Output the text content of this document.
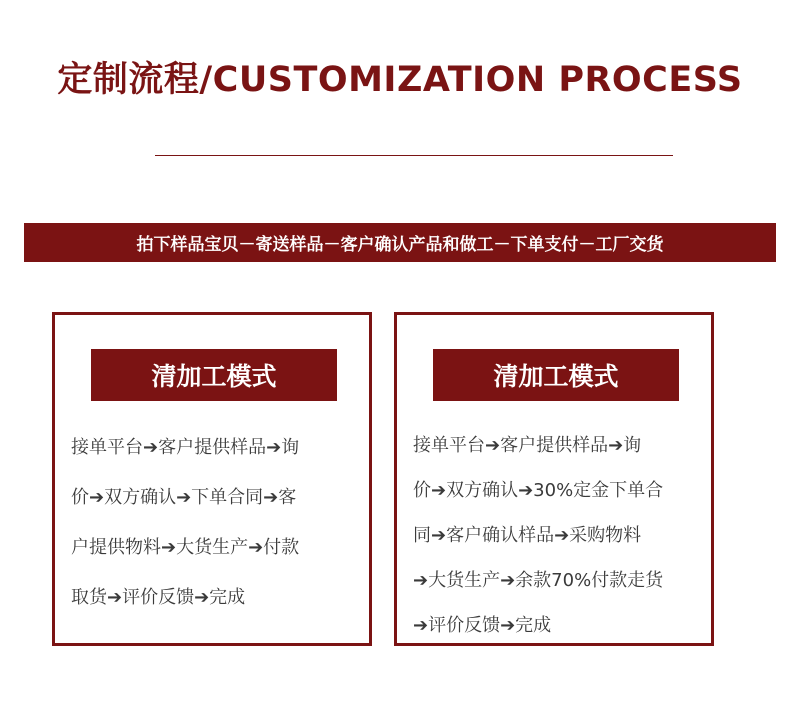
定制流程/CUSTOMIZATION PROCESS
拍下样品宝贝－寄送样品－客户确认产品和做工－下单支付－工厂交货
清加工模式
接单平台➔客户提供样品➔询
价➔双方确认➔下单合同➔客
户提供物料➔大货生产➔付款
取货➔评价反馈➔完成
清加工模式
接单平台➔客户提供样品➔询
价➔双方确认➔30%定金下单合
同➔客户确认样品➔采购物料
➔大货生产➔余款70%付款走货
➔评价反馈➔完成
